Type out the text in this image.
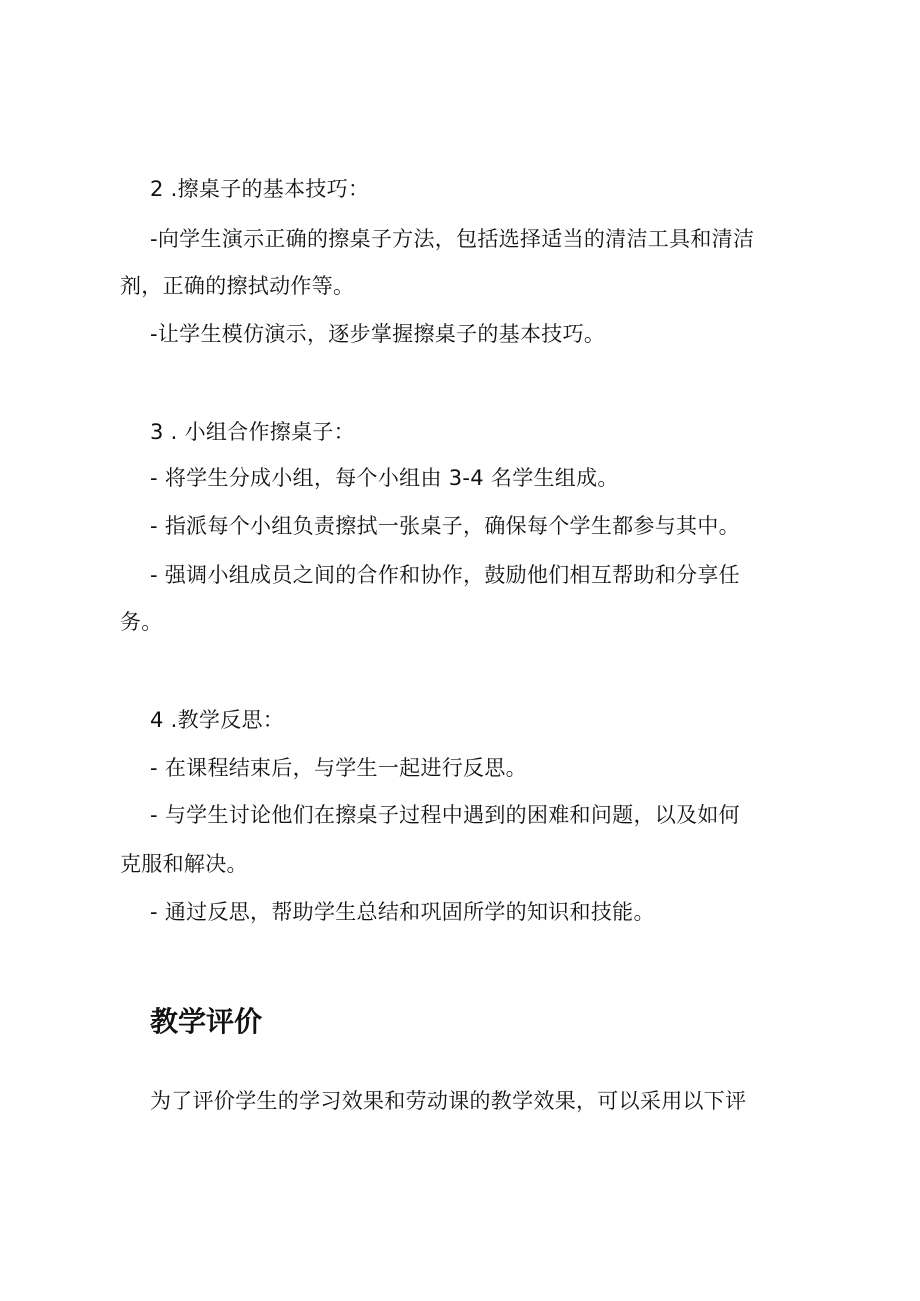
2 .擦桌子的基本技巧：
-向学生演示正确的擦桌子方法，包括选择适当的清洁工具和清洁
剂，正确的擦拭动作等。
-让学生模仿演示，逐步掌握擦桌子的基本技巧。
3 . 小组合作擦桌子：
- 将学生分成小组，每个小组由 3-4 名学生组成。
- 指派每个小组负责擦拭一张桌子，确保每个学生都参与其中。
- 强调小组成员之间的合作和协作，鼓励他们相互帮助和分享任
务。
4 .教学反思：
- 在课程结束后，与学生一起进行反思。
- 与学生讨论他们在擦桌子过程中遇到的困难和问题，以及如何
克服和解决。
- 通过反思，帮助学生总结和巩固所学的知识和技能。
教学评价
为了评价学生的学习效果和劳动课的教学效果，可以采用以下评
